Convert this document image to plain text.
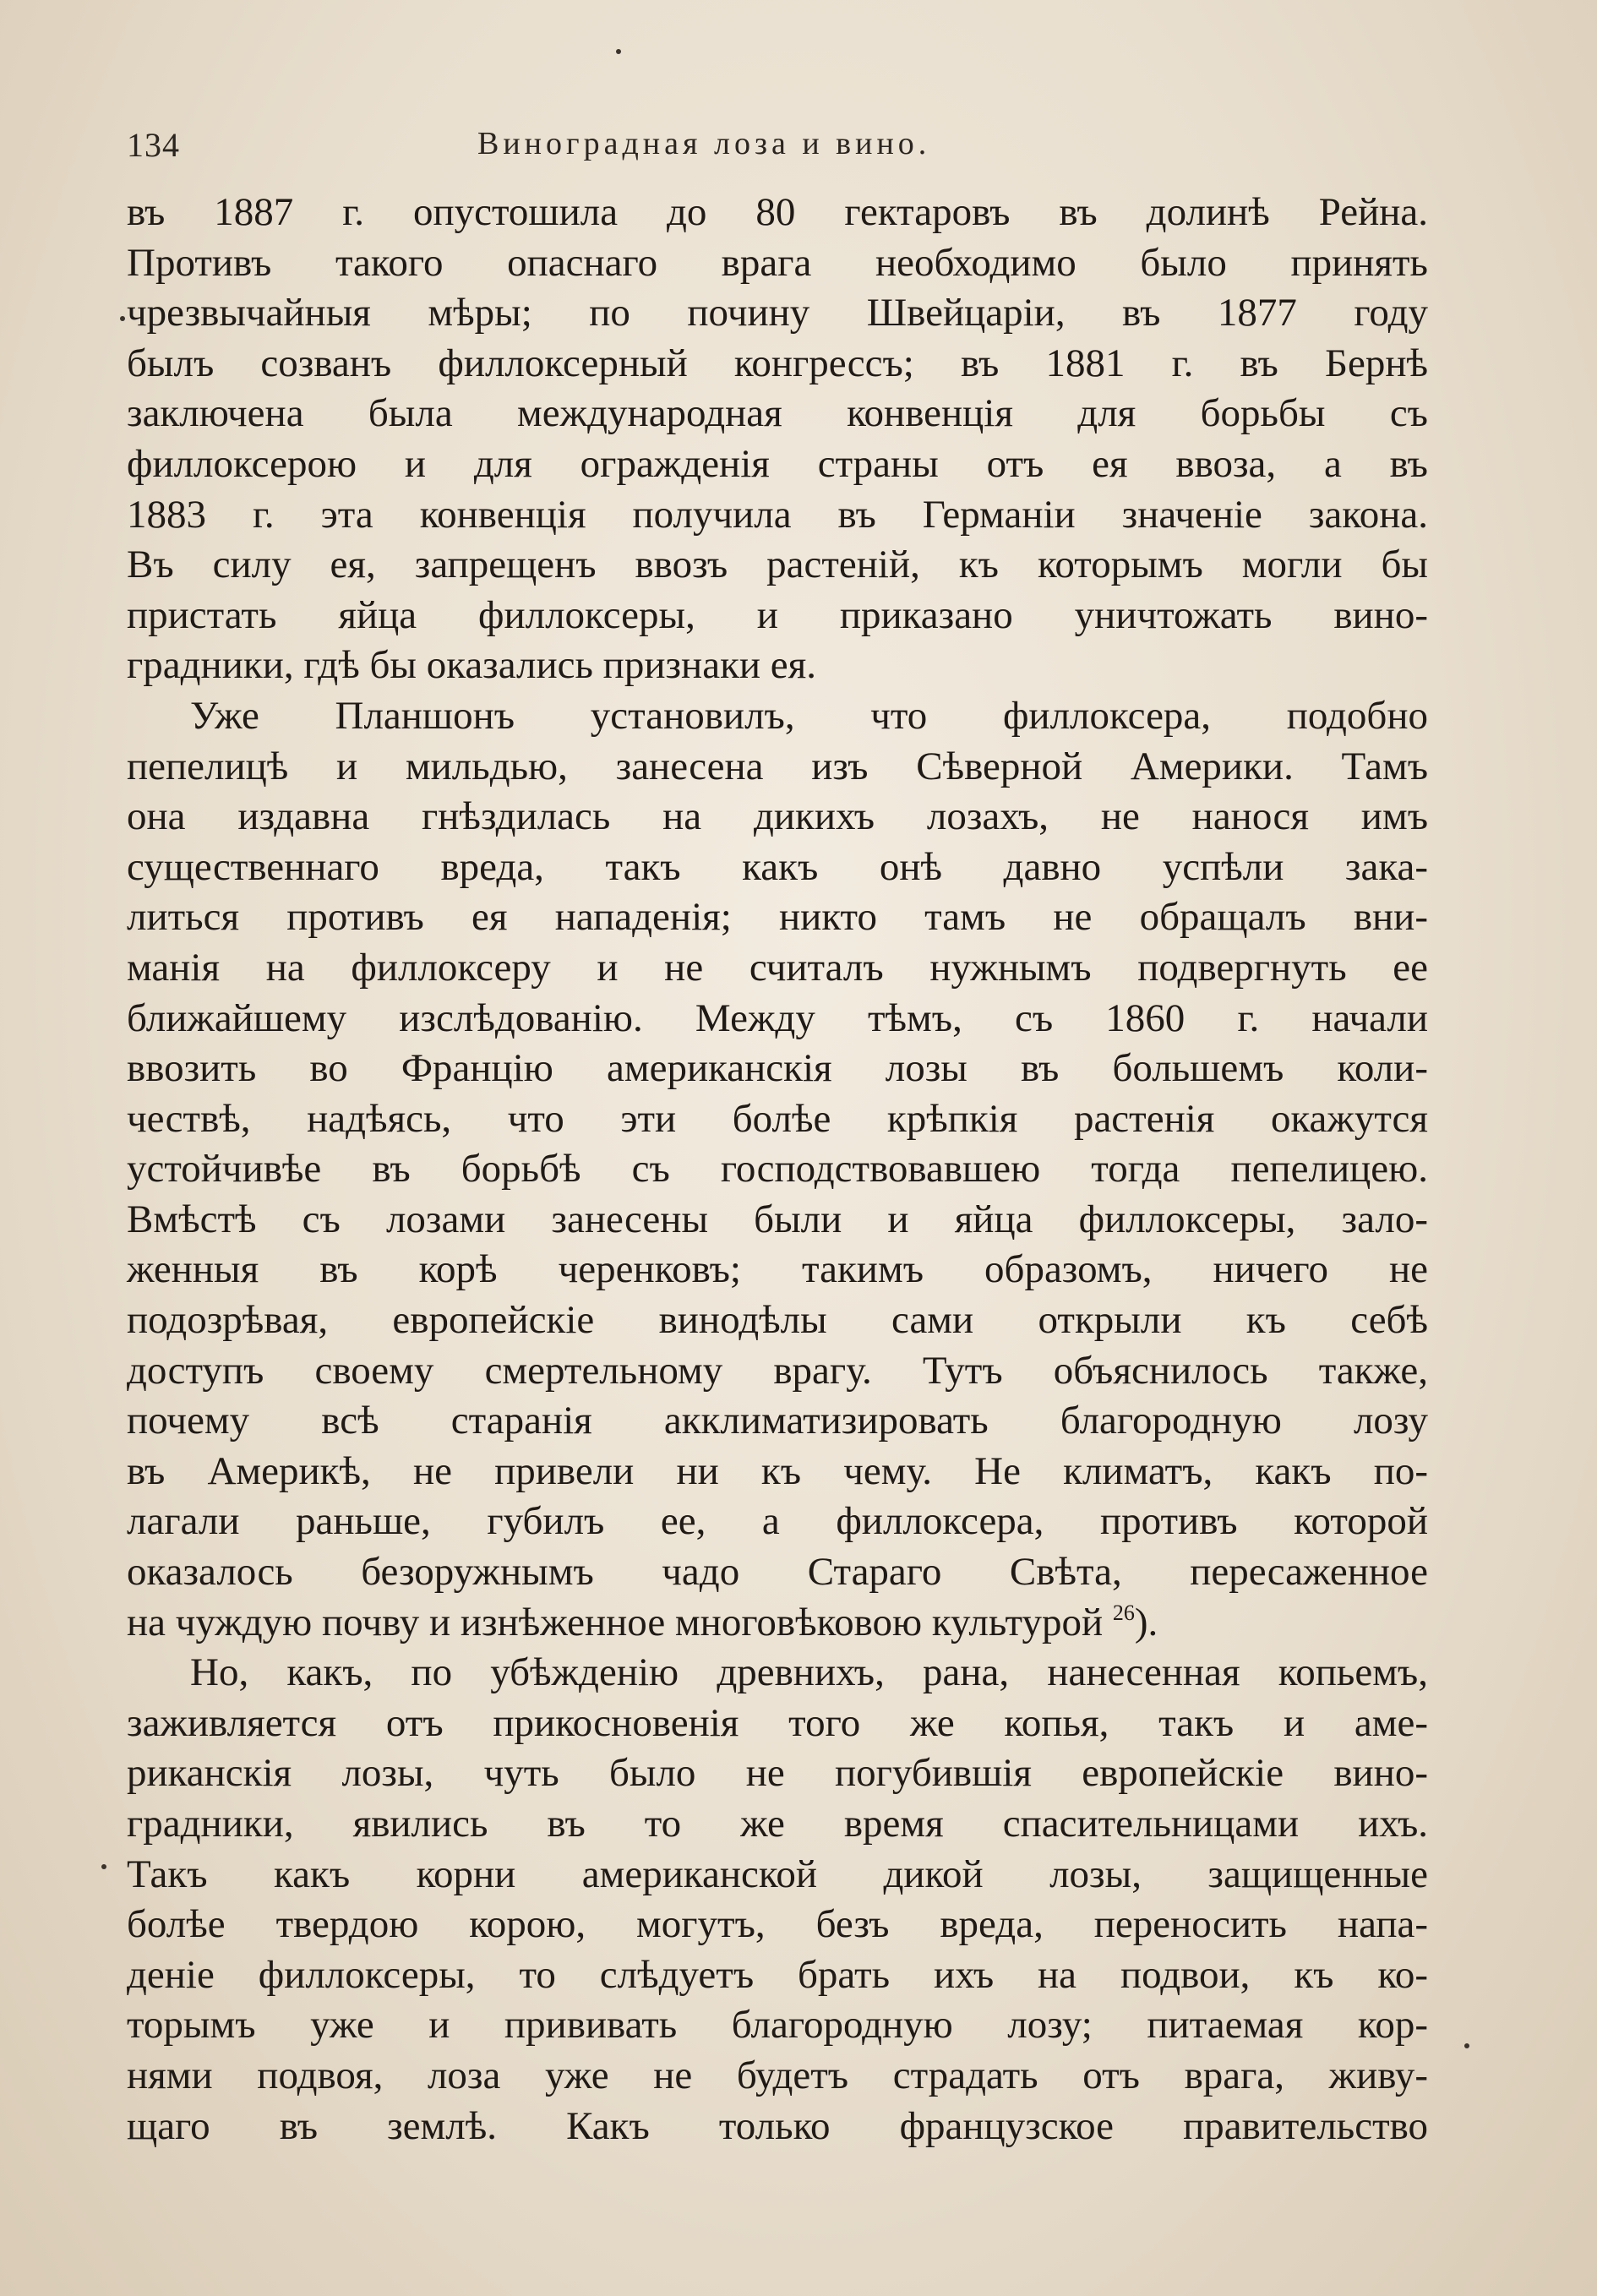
134	Виноградная лоза и вино.
въ 1887 г. опустошила до 80 гектаровъ въ долинѣ Рейна.
Противъ такого опаснаго врага необходимо было принять
чрезвычайныя мѣры; по почину Швейцаріи, въ 1877 году
былъ созванъ филлоксерный конгрессъ; въ 1881 г. въ Бернѣ
заключена была международная конвенція для борьбы съ
филлоксерою и для огражденія страны отъ ея ввоза, а въ
1883 г. эта конвенція получила въ Германіи значеніе закона.
Въ силу ея, запрещенъ ввозъ растеній, къ которымъ могли бы
пристать яйца филлоксеры, и приказано уничтожать вино-
градники, гдѣ бы оказались признаки ея.
Уже Планшонъ установилъ, что филлоксера, подобно
пепелицѣ и мильдью, занесена изъ Сѣверной Америки. Тамъ
она издавна гнѣздилась на дикихъ лозахъ, не нанося имъ
существеннаго вреда, такъ какъ онѣ давно успѣли зака-
литься противъ ея нападенія; никто тамъ не обращалъ вни-
манія на филлоксеру и не считалъ нужнымъ подвергнуть ее
ближайшему изслѣдованію. Между тѣмъ, съ 1860 г. начали
ввозить во Францію американскія лозы въ большемъ коли-
чествѣ, надѣясь, что эти болѣе крѣпкія растенія окажутся
устойчивѣе въ борьбѣ съ господствовавшею тогда пепелицею.
Вмѣстѣ съ лозами занесены были и яйца филлоксеры, зало-
женныя въ корѣ черенковъ; такимъ образомъ, ничего не
подозрѣвая, европейскіе винодѣлы сами открыли къ себѣ
доступъ своему смертельному врагу. Тутъ объяснилось также,
почему всѣ старанія акклиматизировать благородную лозу
въ Америкѣ, не привели ни къ чему. Не климатъ, какъ по-
лагали раньше, губилъ ее, а филлоксера, противъ которой
оказалось безоружнымъ чадо Стараго Свѣта, пересаженное
на чуждую почву и изнѣженное многовѣковою культурой $^{26}$).
Но, какъ, по убѣжденію древнихъ, рана, нанесенная копьемъ,
заживляется отъ прикосновенія того же копья, такъ и аме-
риканскія лозы, чуть было не погубившія европейскіе вино-
градники, явились въ то же время спасительницами ихъ.
Такъ какъ корни американской дикой лозы, защищенные
болѣе твердою корою, могутъ, безъ вреда, переносить напа-
деніе филлоксеры, то слѣдуетъ брать ихъ на подвои, къ ко-
торымъ уже и прививать благородную лозу; питаемая кор-
нями подвоя, лоза уже не будетъ страдать отъ врага, живу-
щаго въ землѣ. Какъ только французское правительство
